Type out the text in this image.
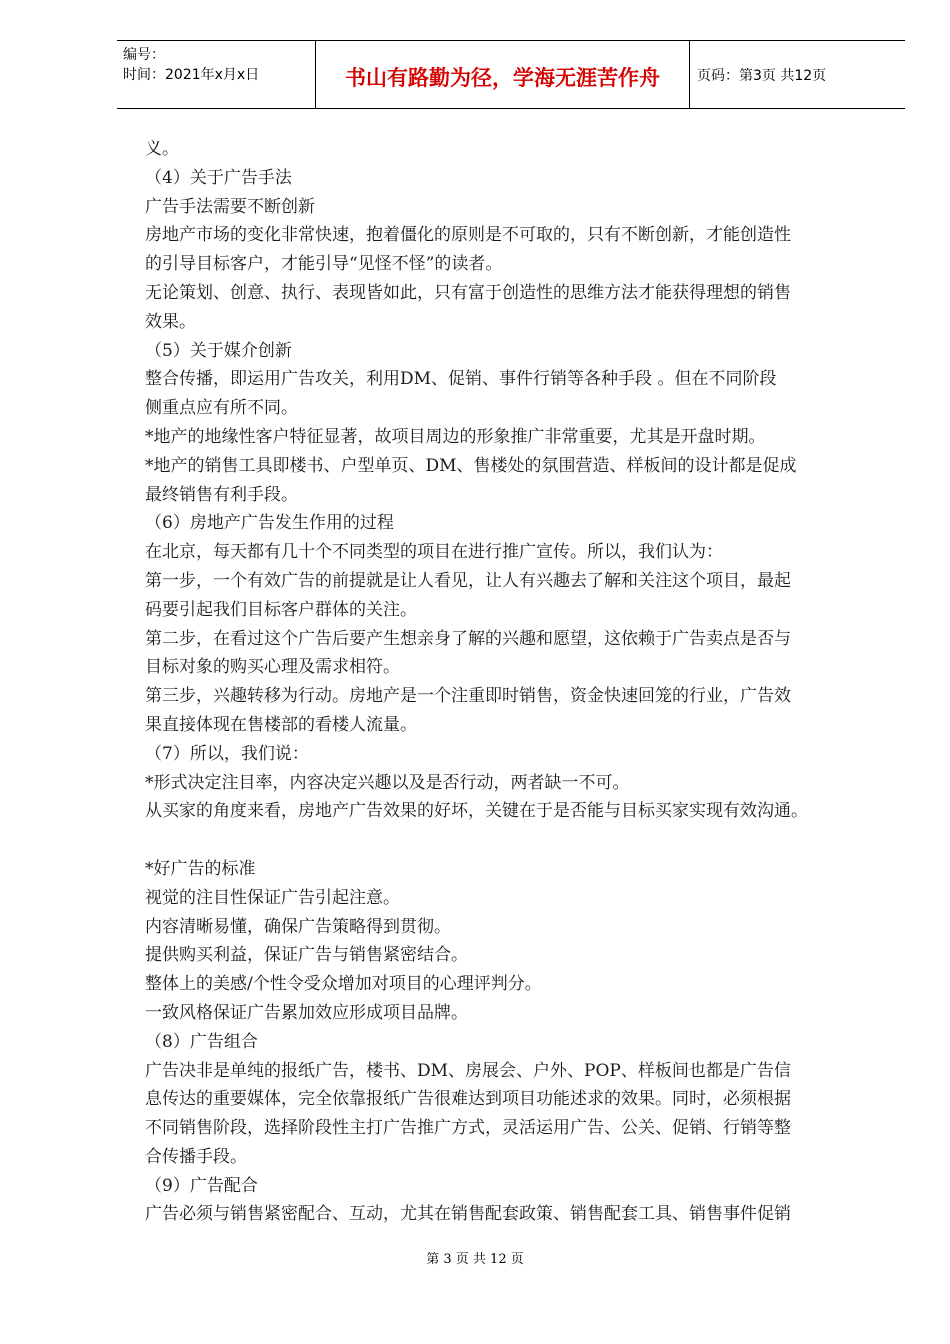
编号：
时间：2021年x月x日	书山有路勤为径，学海无涯苦作舟	页码：第3页 共12页
义。
（4）关于广告手法
广告手法需要不断创新
房地产市场的变化非常快速，抱着僵化的原则是不可取的，只有不断创新，才能创造性
的引导目标客户，才能引导“见怪不怪”的读者。
无论策划、创意、执行、表现皆如此，只有富于创造性的思维方法才能获得理想的销售
效果。
（5）关于媒介创新
整合传播，即运用广告攻关，利用DM、促销、事件行销等各种手段 。但在不同阶段
侧重点应有所不同。
*地产的地缘性客户特征显著，故项目周边的形象推广非常重要，尤其是开盘时期。
*地产的销售工具即楼书、户型单页、DM、售楼处的氛围营造、样板间的设计都是促成
最终销售有利手段。
（6）房地产广告发生作用的过程
在北京，每天都有几十个不同类型的项目在进行推广宣传。所以，我们认为：
第一步，一个有效广告的前提就是让人看见，让人有兴趣去了解和关注这个项目，最起
码要引起我们目标客户群体的关注。
第二步，在看过这个广告后要产生想亲身了解的兴趣和愿望，这依赖于广告卖点是否与
目标对象的购买心理及需求相符。
第三步，兴趣转移为行动。房地产是一个注重即时销售，资金快速回笼的行业，广告效
果直接体现在售楼部的看楼人流量。
（7）所以，我们说：
*形式决定注目率，内容决定兴趣以及是否行动，两者缺一不可。
从买家的角度来看，房地产广告效果的好坏，关键在于是否能与目标买家实现有效沟通。
*好广告的标准
视觉的注目性保证广告引起注意。
内容清晰易懂，确保广告策略得到贯彻。
提供购买利益，保证广告与销售紧密结合。
整体上的美感/个性令受众增加对项目的心理评判分。
一致风格保证广告累加效应形成项目品牌。
（8）广告组合
广告决非是单纯的报纸广告，楼书、DM、房展会、户外、POP、样板间也都是广告信
息传达的重要媒体，完全依靠报纸广告很难达到项目功能述求的效果。同时，必须根据
不同销售阶段，选择阶段性主打广告推广方式，灵活运用广告、公关、促销、行销等整
合传播手段。
（9）广告配合
广告必须与销售紧密配合、互动，尤其在销售配套政策、销售配套工具、销售事件促销
第 3 页 共 12 页
